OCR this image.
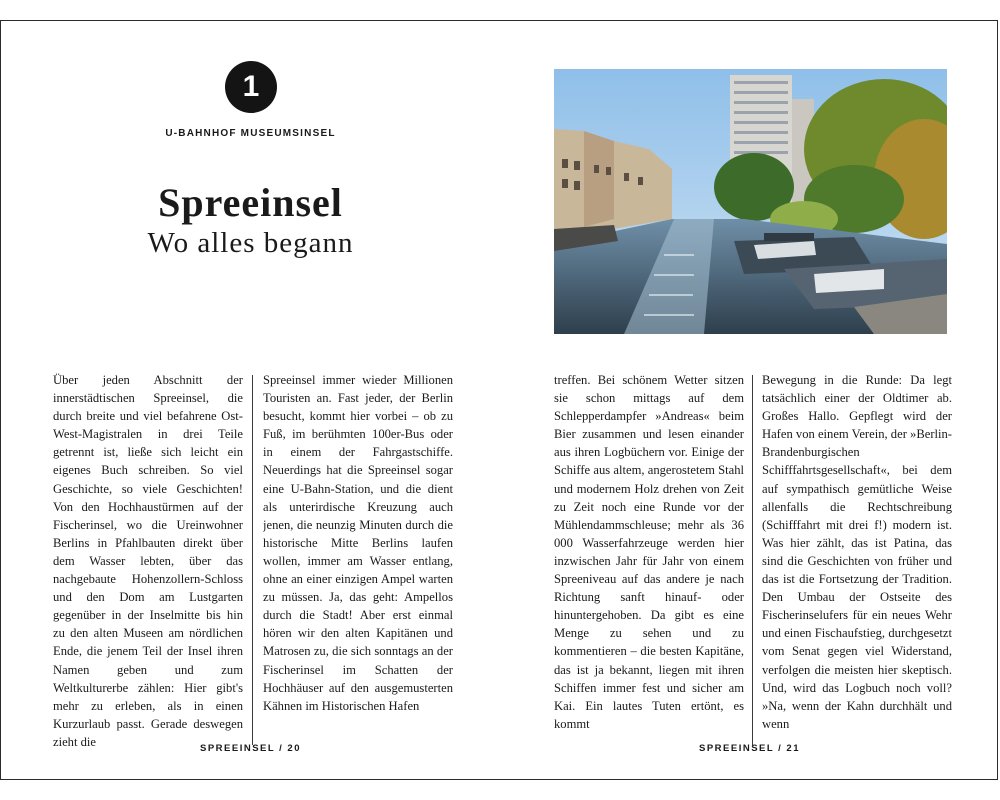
1
U-BAHNHOF MUSEUMSINSEL
Spreeinsel
Wo alles begann
Über jeden Abschnitt der innerstädtischen Spreeinsel, die durch breite und viel befahrene Ost-West-Magistralen in drei Teile getrennt ist, ließe sich leicht ein eigenes Buch schreiben. So viel Geschichte, so viele Geschichten! Von den Hochhaustürmen auf der Fischerinsel, wo die Ureinwohner Berlins in Pfahlbauten direkt über dem Wasser lebten, über das nachgebaute Hohenzollern-Schloss und den Dom am Lustgarten gegenüber in der Inselmitte bis hin zu den alten Museen am nördlichen Ende, die jenem Teil der Insel ihren Namen geben und zum Weltkulturerbe zählen: Hier gibt's mehr zu erleben, als in einen Kurzurlaub passt. Gerade deswegen zieht die
Spreeinsel immer wieder Millionen Touristen an. Fast jeder, der Berlin besucht, kommt hier vorbei – ob zu Fuß, im berühmten 100er-Bus oder in einem der Fahrgastschiffe. Neuerdings hat die Spreeinsel sogar eine U-Bahn-Station, und die dient als unterirdische Kreuzung auch jenen, die neunzig Minuten durch die historische Mitte Berlins laufen wollen, immer am Wasser entlang, ohne an einer einzigen Ampel warten zu müssen. Ja, das geht: Ampellos durch die Stadt! Aber erst einmal hören wir den alten Kapitänen und Matrosen zu, die sich sonntags an der Fischerinsel im Schatten der Hochhäuser auf den ausgemusterten Kähnen im Historischen Hafen
SPREEINSEL / 20
treffen. Bei schönem Wetter sitzen sie schon mittags auf dem Schlepperdampfer »Andreas« beim Bier zusammen und lesen einander aus ihren Logbüchern vor. Einige der Schiffe aus altem, angerostetem Stahl und modernem Holz drehen von Zeit zu Zeit noch eine Runde vor der Mühlendammschleuse; mehr als 36 000 Wasserfahrzeuge werden hier inzwischen Jahr für Jahr von einem Spreeniveau auf das andere je nach Richtung sanft hinauf- oder hinuntergehoben. Da gibt es eine Menge zu sehen und zu kommentieren – die besten Kapitäne, das ist ja bekannt, liegen mit ihren Schiffen immer fest und sicher am Kai. Ein lautes Tuten ertönt, es kommt
Bewegung in die Runde: Da legt tatsächlich einer der Oldtimer ab. Großes Hallo. Gepflegt wird der Hafen von einem Verein, der »Berlin-Brandenburgischen Schifffahrtsgesellschaft«, bei dem auf sympathisch gemütliche Weise allenfalls die Rechtschreibung (Schifffahrt mit drei f!) modern ist. Was hier zählt, das ist Patina, das sind die Geschichten von früher und das ist die Fortsetzung der Tradition. Den Umbau der Ostseite des Fischerinselufers für ein neues Wehr und einen Fischaufstieg, durchgesetzt vom Senat gegen viel Widerstand, verfolgen die meisten hier skeptisch. Und, wird das Logbuch noch voll? »Na, wenn der Kahn durchhält und wenn
SPREEINSEL / 21
